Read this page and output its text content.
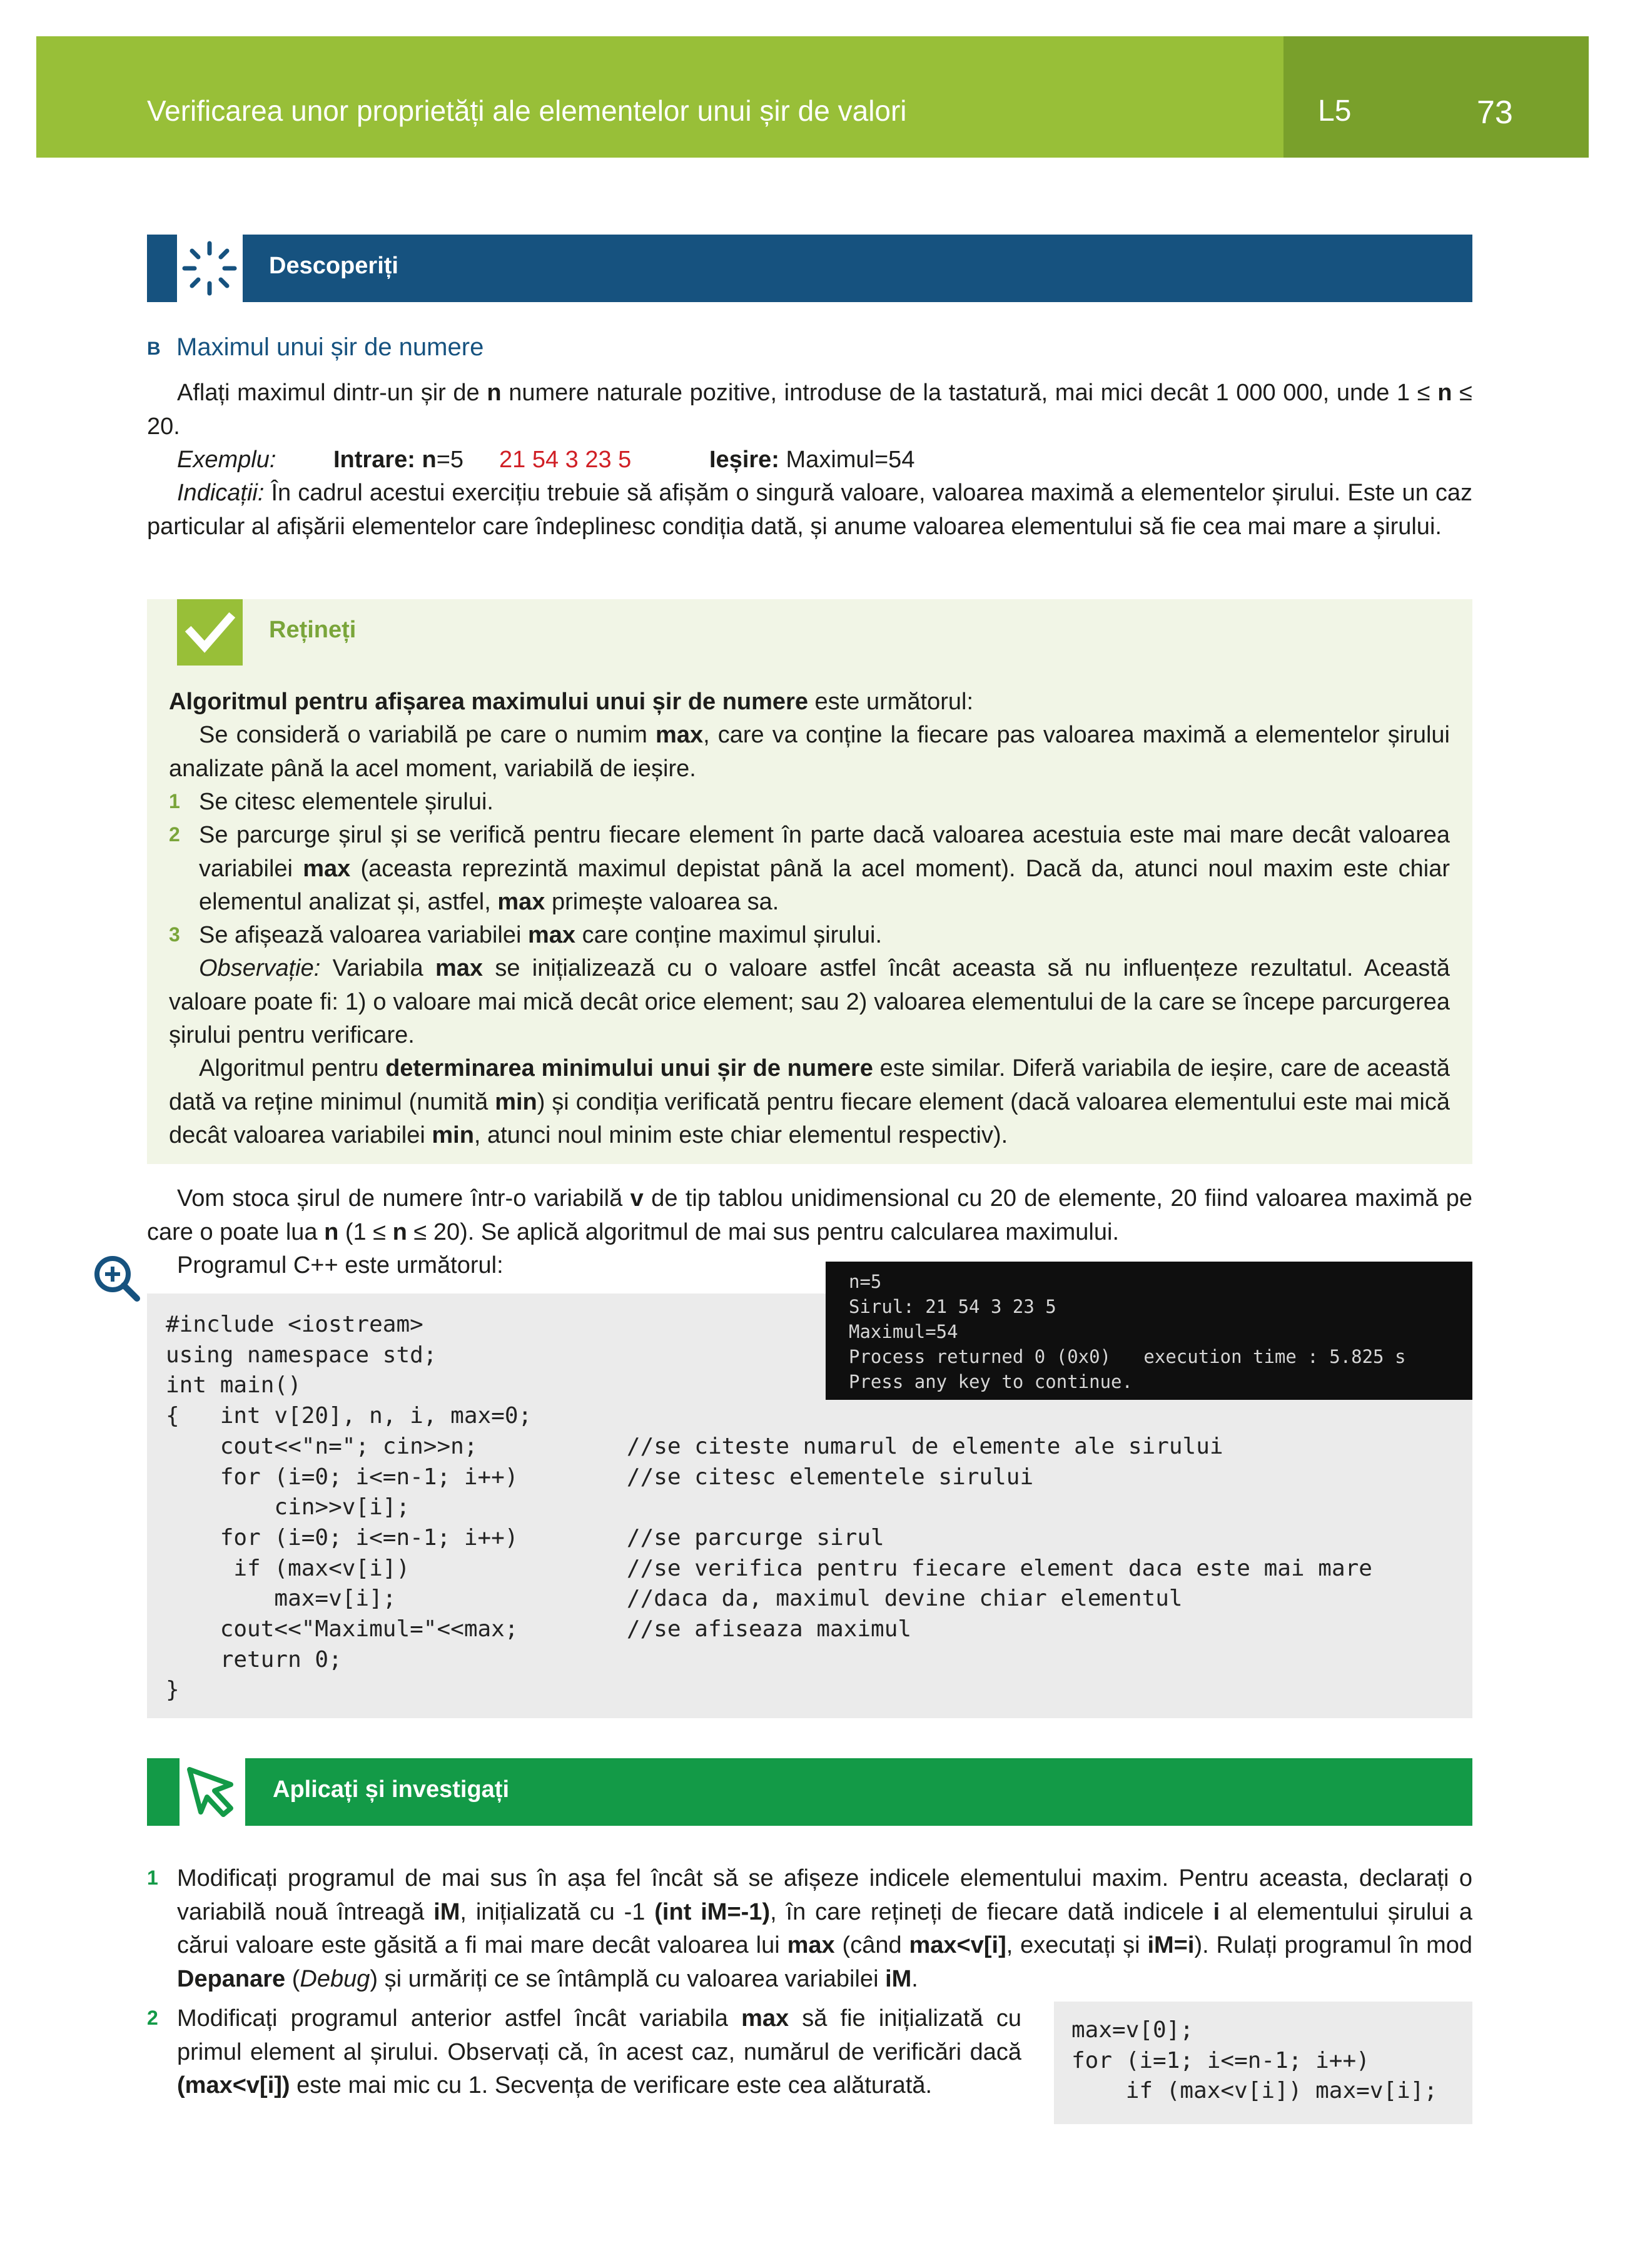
Verificarea unor proprietăți ale elementelor unui șir de valori	L5	73
Descoperiți
B Maximul unui șir de numere
Aflați maximul dintr-un șir de n numere naturale pozitive, introduse de la tastatură, mai mici decât 1 000 000, unde 1 ≤ n ≤ 20.
Exemplu: Intrare: n=5 21 54 3 23 5	Ieșire: Maximul=54
Indicații: În cadrul acestui exercițiu trebuie să afișăm o singură valoare, valoarea maximă a elementelor șirului. Este un caz particular al afișării elementelor care îndeplinesc condiția dată, și anume valoarea elementului să fie cea mai mare a șirului.
Rețineți
Algoritmul pentru afișarea maximului unui șir de numere este următorul:
Se consideră o variabilă pe care o numim max, care va conține la fiecare pas valoarea maximă a elementelor șirului analizate până la acel moment, variabilă de ieșire.
1 Se citesc elementele șirului.
2 Se parcurge șirul și se verifică pentru fiecare element în parte dacă valoarea acestuia este mai mare decât valoarea variabilei max (aceasta reprezintă maximul depistat până la acel moment). Dacă da, atunci noul maxim este chiar elementul analizat și, astfel, max primește valoarea sa.
3 Se afișează valoarea variabilei max care conține maximul șirului.
Observație: Variabila max se inițializează cu o valoare astfel încât aceasta să nu influențeze rezultatul. Această valoare poate fi: 1) o valoare mai mică decât orice element; sau 2) valoarea elementului de la care se începe parcurgerea șirului pentru verificare.
Algoritmul pentru determinarea minimului unui șir de numere este similar. Diferă variabila de ieșire, care de această dată va reține minimul (numită min) și condiția verificată pentru fiecare element (dacă valoarea elementului este mai mică decât valoarea variabilei min, atunci noul minim este chiar elementul respectiv).
Vom stoca șirul de numere într-o variabilă v de tip tablou unidimensional cu 20 de elemente, 20 fiind valoarea maximă pe care o poate lua n (1 ≤ n ≤ 20). Se aplică algoritmul de mai sus pentru calcularea maximului.
Programul C++ este următorul:
#include <iostream>
using namespace std;
int main()
{   int v[20], n, i, max=0;
cout<<"n="; cin>>n;           //se citeste numarul de elemente ale sirului
for (i=0; i<=n-1; i++)        //se citesc elementele sirului
cin>>v[i];
for (i=0; i<=n-1; i++)        //se parcurge sirul
if (max<v[i])                //se verifica pentru fiecare element daca este mai mare
max=v[i];                 //daca da, maximul devine chiar elementul
cout<<"Maximul="<<max;        //se afiseaza maximul
return 0;
}
n=5
Sirul: 21 54 3 23 5
Maximul=54
Process returned 0 (0x0)   execution time : 5.825 s
Press any key to continue.
Aplicați și investigați
1 Modificați programul de mai sus în așa fel încât să se afișeze indicele elementului maxim. Pentru aceasta, declarați o variabilă nouă întreagă iM, inițializată cu -1 (int iM=-1), în care rețineți de fiecare dată indicele i al elementului șirului a cărui valoare este găsită a fi mai mare decât valoarea lui max (când max<v[i], executați și iM=i). Rulați programul în mod Depanare (Debug) și urmăriți ce se întâmplă cu valoarea variabilei iM.
2 Modificați programul anterior astfel încât variabila max să fie inițializată cu primul element al șirului. Observați că, în acest caz, numărul de verificări dacă (max<v[i]) este mai mic cu 1. Secvența de verificare este cea alăturată.
max=v[0];
for (i=1; i<=n-1; i++)
if (max<v[i]) max=v[i];
